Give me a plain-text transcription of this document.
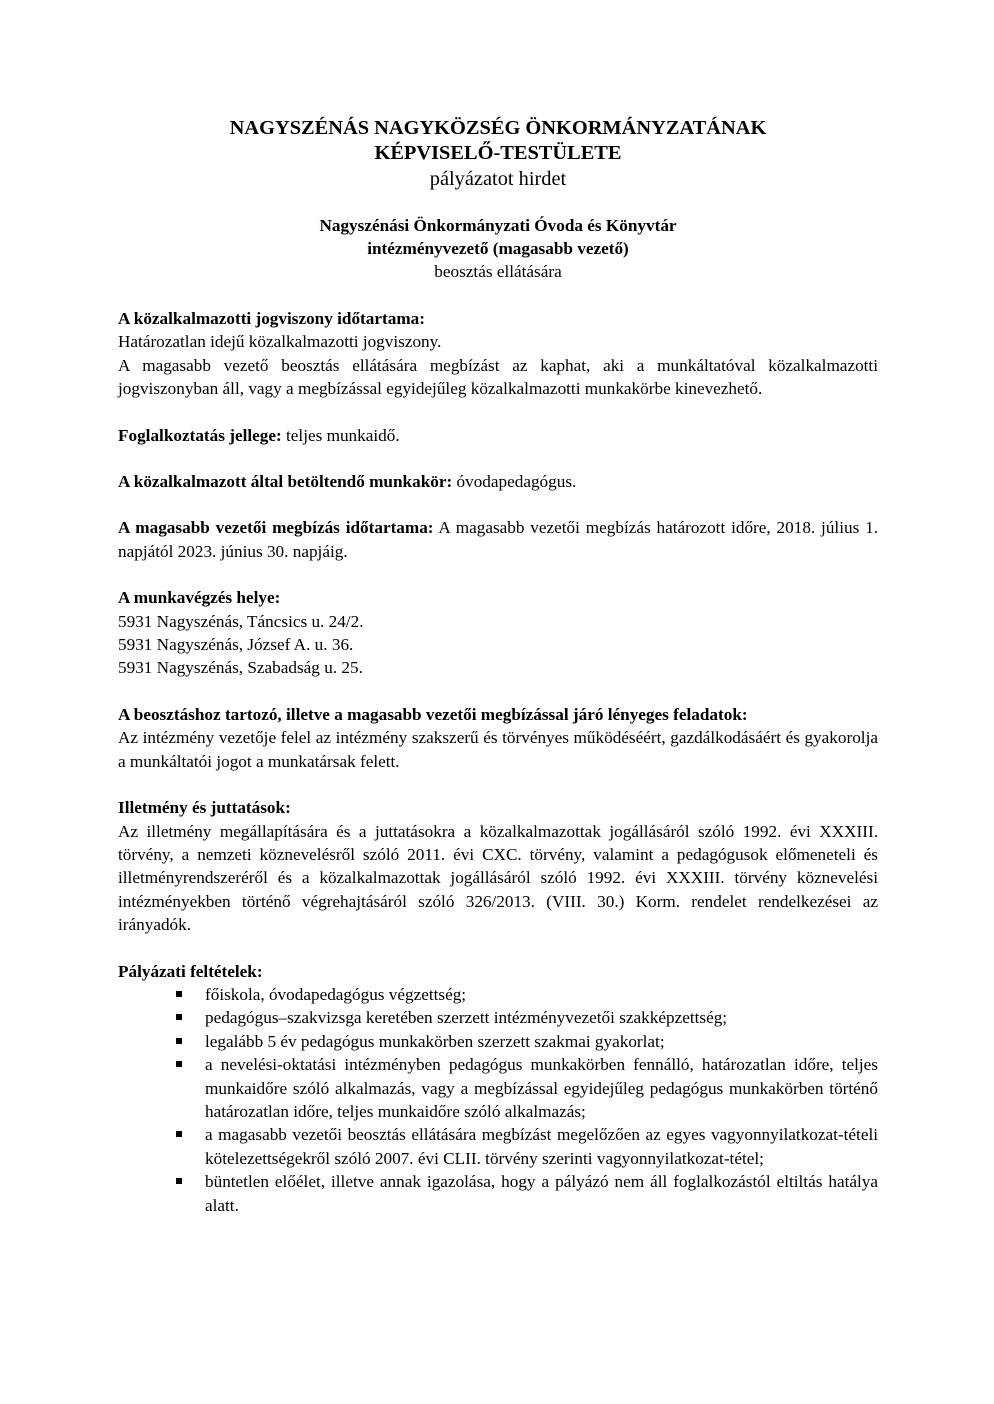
NAGYSZÉNÁS NAGYKÖZSÉG ÖNKORMÁNYZATÁNAK
KÉPVISELŐ-TESTÜLETE
pályázatot hirdet
Nagyszénási Önkormányzati Óvoda és Könyvtár
intézményvezető (magasabb vezető)
beosztás ellátására

A közalkalmazotti jogviszony időtartama:

Határozatlan idejű közalkalmazotti jogviszony.

A magasabb vezető beosztás ellátására megbízást az kaphat, aki a munkáltatóval közalkalmazotti jogviszonyban áll, vagy a megbízással egyidejűleg közalkalmazotti munkakörbe kinevezhető.

Foglalkoztatás jellege: teljes munkaidő.

A közalkalmazott által betöltendő munkakör: óvodapedagógus.

A magasabb vezetői megbízás időtartama: A magasabb vezetői megbízás határozott időre, 2018. július 1. napjától 2023. június 30. napjáig.

A munkavégzés helye:

5931 Nagyszénás, Táncsics u. 24/2.

5931 Nagyszénás, József A. u. 36.

5931 Nagyszénás, Szabadság u. 25.

A beosztáshoz tartozó, illetve a magasabb vezetői megbízással járó lényeges feladatok:

Az intézmény vezetője felel az intézmény szakszerű és törvényes működéséért, gazdálkodásáért és gyakorolja a munkáltatói jogot a munkatársak felett.

Illetmény és juttatások:

Az illetmény megállapítására és a juttatásokra a közalkalmazottak jogállásáról szóló 1992. évi XXXIII. törvény, a nemzeti köznevelésről szóló 2011. évi CXC. törvény, valamint a pedagógusok előmeneteli és illetményrendszeréről és a közalkalmazottak jogállásáról szóló 1992. évi XXXIII. törvény köznevelési intézményekben történő végrehajtásáról szóló 326/2013. (VIII. 30.) Korm. rendelet rendelkezései az irányadók.

Pályázati feltételek:

főiskola, óvodapedagógus végzettség;
pedagógus–szakvizsga keretében szerzett intézményvezetői szakképzettség;
legalább 5 év pedagógus munkakörben szerzett szakmai gyakorlat;
a nevelési-oktatási intézményben pedagógus munkakörben fennálló, határozatlan időre, teljes munkaidőre szóló alkalmazás, vagy a megbízással egyidejűleg pedagógus munkakörben történő határozatlan időre, teljes munkaidőre szóló alkalmazás;
a magasabb vezetői beosztás ellátására megbízást megelőzően az egyes vagyonnyilatkozat-tételi kötelezettségekről szóló 2007. évi CLII. törvény szerinti vagyonnyilatkozat-tétel;
büntetlen előélet, illetve annak igazolása, hogy a pályázó nem áll foglalkozástól eltiltás hatálya alatt.
